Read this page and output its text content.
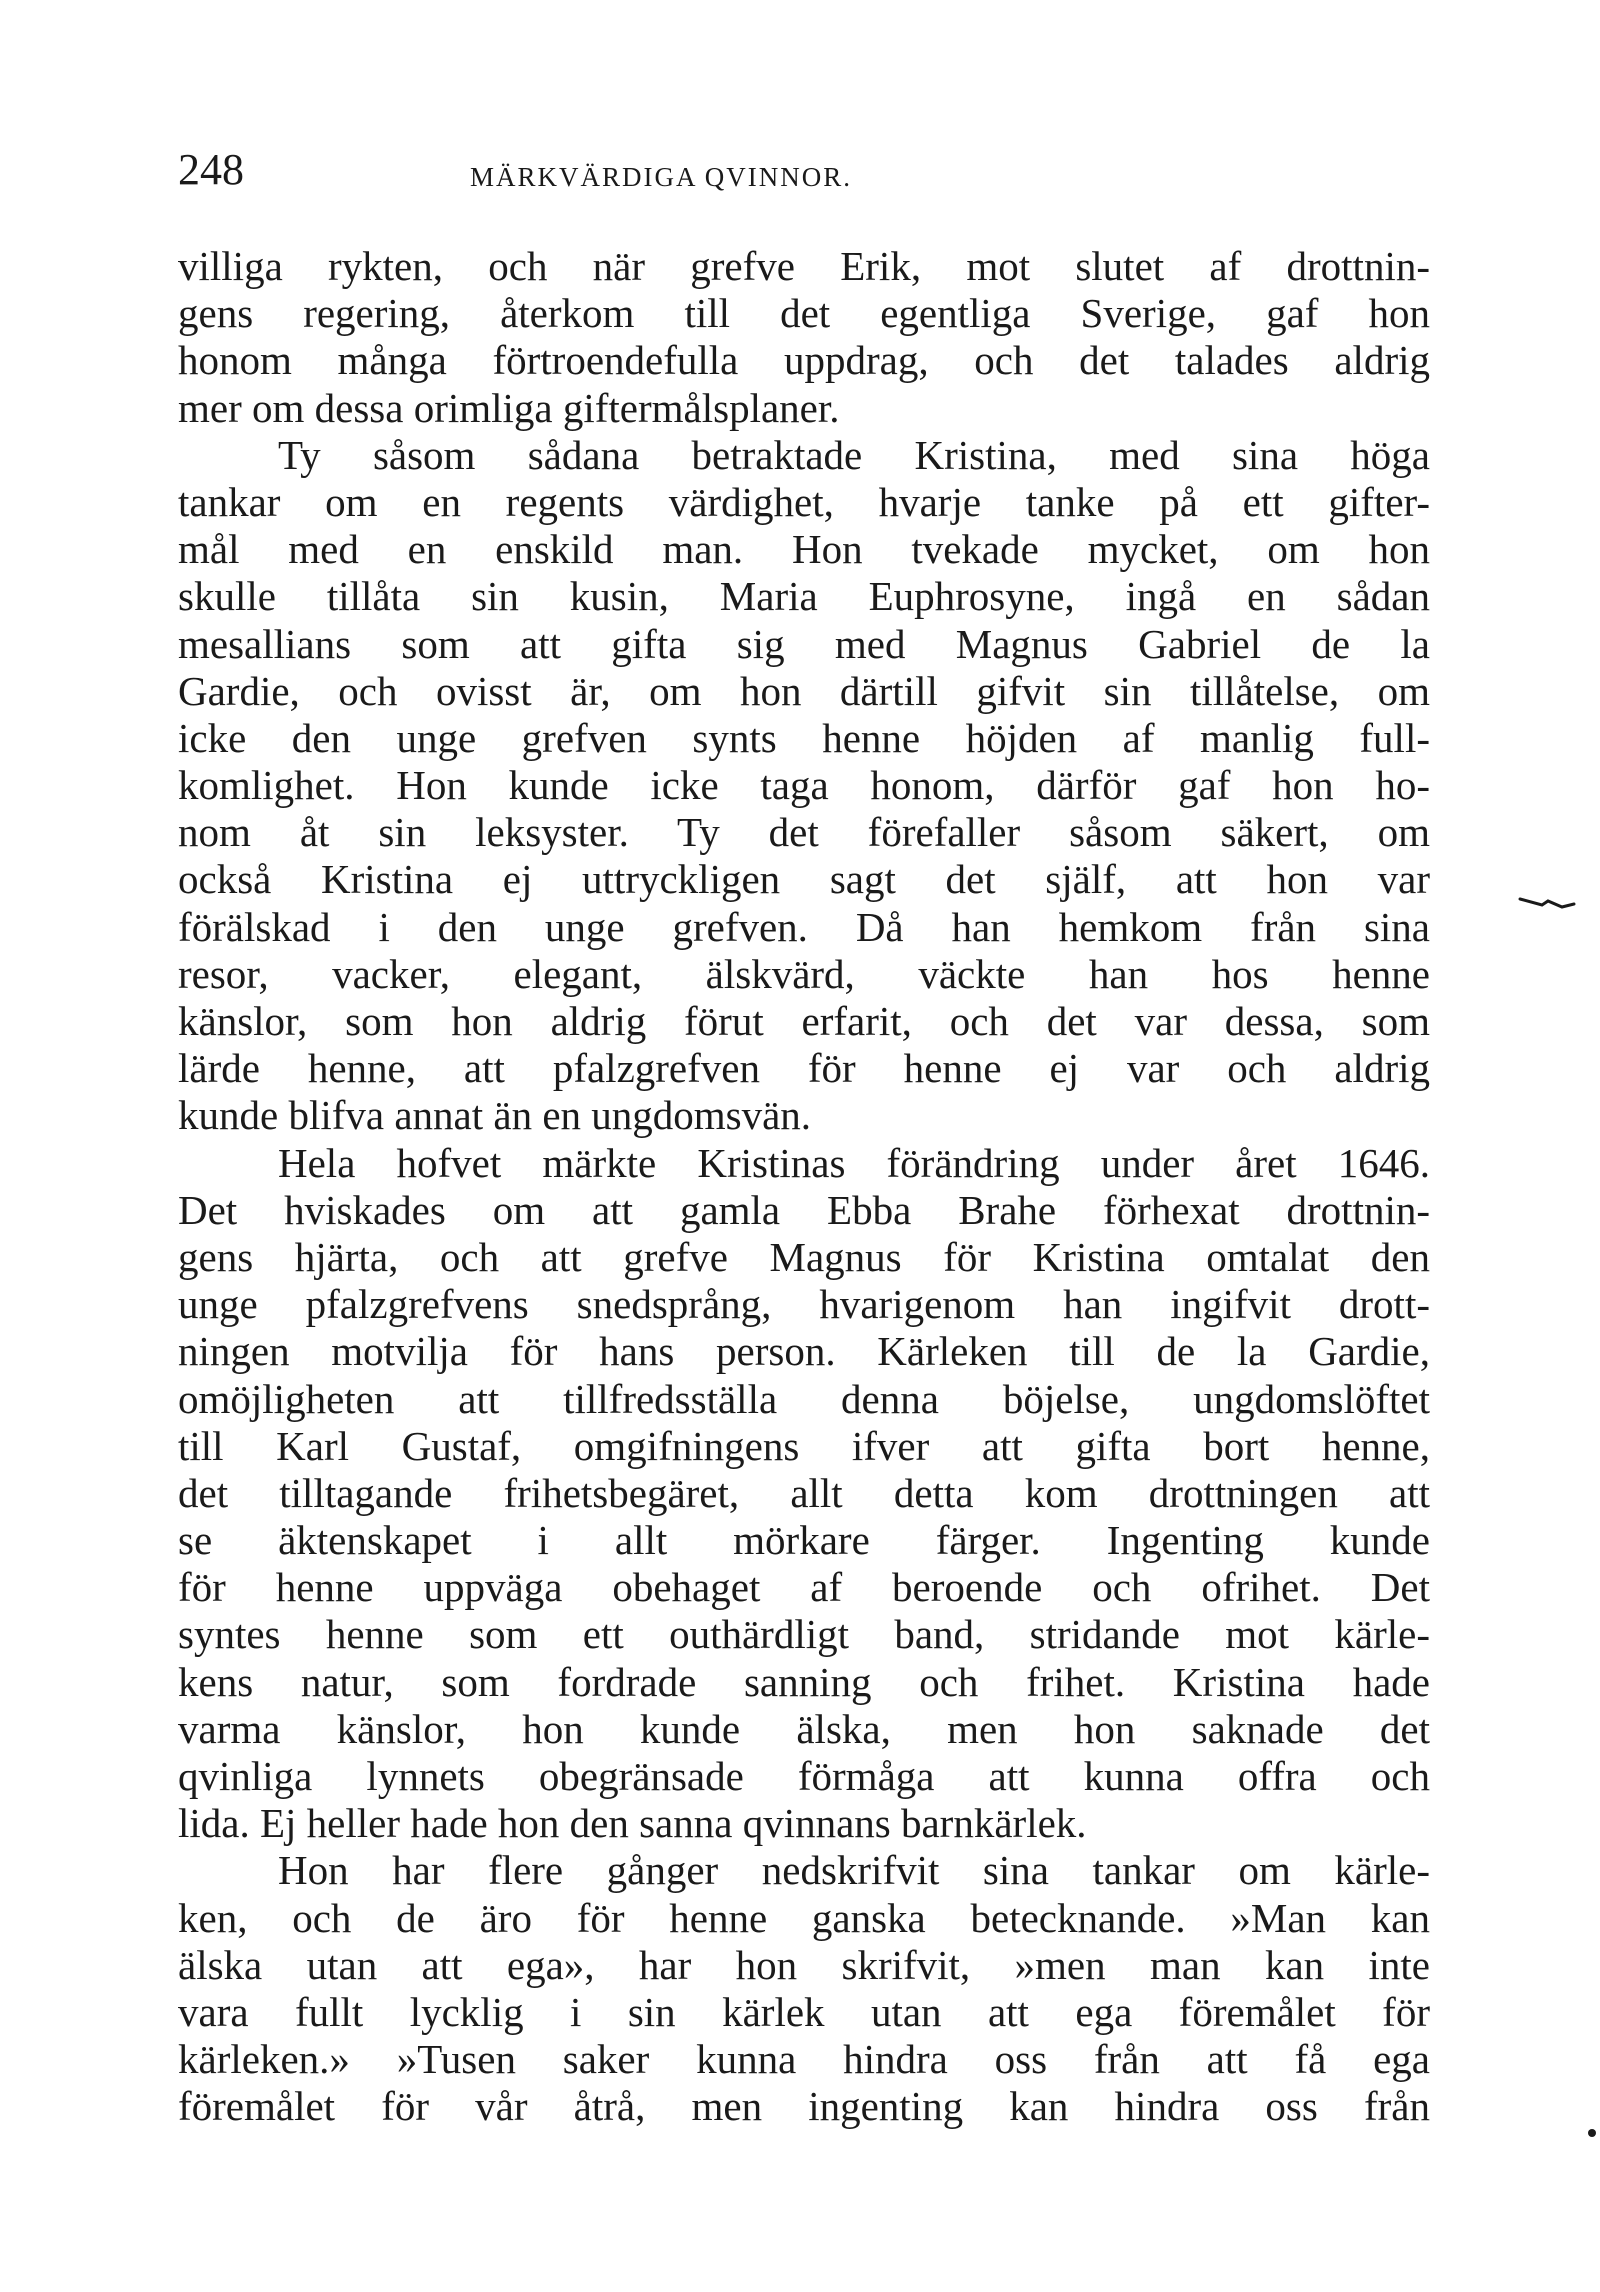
248	MÄRKVÄRDIGA QVINNOR.
villiga rykten, och när grefve Erik, mot slutet af drottnin-
gens regering, återkom till det egentliga Sverige, gaf hon
honom många förtroendefulla uppdrag, och det talades aldrig
mer om dessa orimliga giftermålsplaner.
Ty såsom sådana betraktade Kristina, med sina höga
tankar om en regents värdighet, hvarje tanke på ett gifter-
mål med en enskild man. Hon tvekade mycket, om hon
skulle tillåta sin kusin, Maria Euphrosyne, ingå en sådan
mesallians som att gifta sig med Magnus Gabriel de la
Gardie, och ovisst är, om hon därtill gifvit sin tillåtelse, om
icke den unge grefven synts henne höjden af manlig full-
komlighet. Hon kunde icke taga honom, därför gaf hon ho-
nom åt sin leksyster. Ty det förefaller såsom säkert, om
också Kristina ej uttryckligen sagt det själf, att hon var
förälskad i den unge grefven. Då han hemkom från sina
resor, vacker, elegant, älskvärd, väckte han hos henne
känslor, som hon aldrig förut erfarit, och det var dessa, som
lärde henne, att pfalzgrefven för henne ej var och aldrig
kunde blifva annat än en ungdomsvän.
Hela hofvet märkte Kristinas förändring under året 1646.
Det hviskades om att gamla Ebba Brahe förhexat drottnin-
gens hjärta, och att grefve Magnus för Kristina omtalat den
unge pfalzgrefvens snedsprång, hvarigenom han ingifvit drott-
ningen motvilja för hans person. Kärleken till de la Gardie,
omöjligheten att tillfredsställa denna böjelse, ungdomslöftet
till Karl Gustaf, omgifningens ifver att gifta bort henne,
det tilltagande frihetsbegäret, allt detta kom drottningen att
se äktenskapet i allt mörkare färger. Ingenting kunde
för henne uppväga obehaget af beroende och ofrihet. Det
syntes henne som ett outhärdligt band, stridande mot kärle-
kens natur, som fordrade sanning och frihet. Kristina hade
varma känslor, hon kunde älska, men hon saknade det
qvinliga lynnets obegränsade förmåga att kunna offra och
lida. Ej heller hade hon den sanna qvinnans barnkärlek.
Hon har flere gånger nedskrifvit sina tankar om kärle-
ken, och de äro för henne ganska betecknande. »Man kan
älska utan att ega», har hon skrifvit, »men man kan inte
vara fullt lycklig i sin kärlek utan att ega föremålet för
kärleken.» »Tusen saker kunna hindra oss från att få ega
föremålet för vår åtrå, men ingenting kan hindra oss från
